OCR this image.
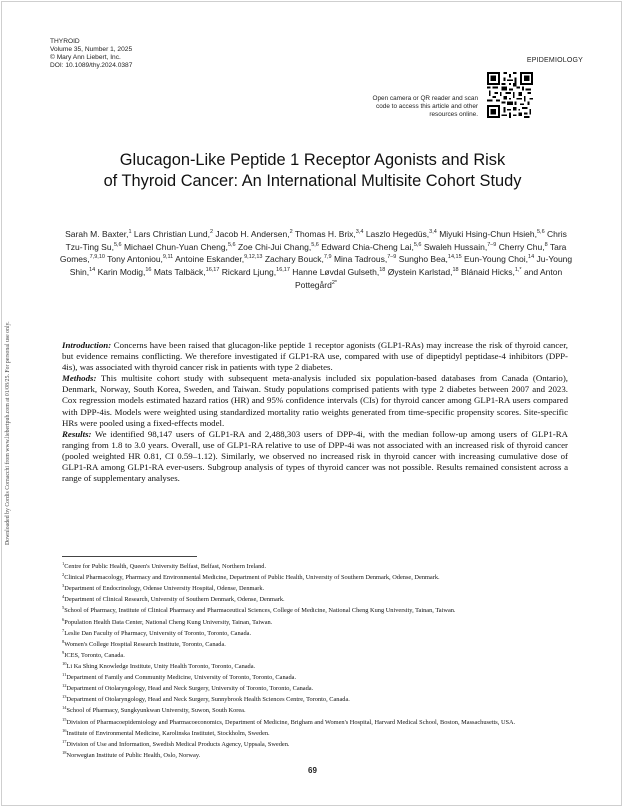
THYROID
Volume 35, Number 1, 2025
© Mary Ann Liebert, Inc.
DOI: 10.1089/thy.2024.0387
EPIDEMIOLOGY
Open camera or QR reader and scan code to access this article and other resources online.
Glucagon-Like Peptide 1 Receptor Agonists and Risk
of Thyroid Cancer: An International Multisite Cohort Study
Sarah M. Baxter,$^1$ Lars Christian Lund,$^2$ Jacob H. Andersen,$^2$ Thomas H. Brix,$^{3,4}$ Laszlo Hegedüs,$^{3,4}$ Miyuki Hsing-Chun Hsieh,$^{5,6}$ Chris Tzu-Ting Su,$^{5,6}$ Michael Chun-Yuan Cheng,$^{5,6}$ Zoe Chi-Jui Chang,$^{5,6}$ Edward Chia-Cheng Lai,$^{5,6}$ Swaleh Hussain,$^{7-9}$ Cherry Chu,$^8$ Tara Gomes,$^{7,9,10}$ Tony Antoniou,$^{9,11}$ Antoine Eskander,$^{9,12,13}$ Zachary Bouck,$^{7,9}$ Mina Tadrous,$^{7-9}$ Sungho Bea,$^{14,15}$ Eun-Young Choi,$^{14}$ Ju-Young Shin,$^{14}$ Karin Modig,$^{16}$ Mats Talbäck,$^{16,17}$ Rickard Ljung,$^{16,17}$ Hanne Løvdal Gulseth,$^{18}$ Øystein Karlstad,$^{18}$ Blánaid Hicks,$^{1,*}$ and Anton Pottegård$^{2*}$
Downloaded by Cordis Cornacchi from www.liebertpub.com at 01/08/25. For personal use only.	Introduction: Concerns have been raised that glucagon-like peptide 1 receptor agonists (GLP1-RAs) may increase the risk of thyroid cancer, but evidence remains conflicting. We therefore investigated if GLP1-RA use, compared with use of dipeptidyl peptidase-4 inhibitors (DPP-4is), was associated with thyroid cancer risk in patients with type 2 diabetes.

Methods: This multisite cohort study with subsequent meta-analysis included six population-based databases from Canada (Ontario), Denmark, Norway, South Korea, Sweden, and Taiwan. Study populations comprised patients with type 2 diabetes between 2007 and 2023. Cox regression models estimated hazard ratios (HR) and 95% confidence intervals (CIs) for thyroid cancer among GLP1-RA users compared with DPP-4is. Models were weighted using standardized mortality ratio weights generated from time-specific propensity scores. Site-specific HRs were pooled using a fixed-effects model.

Results: We identified 98,147 users of GLP1-RA and 2,488,303 users of DPP-4i, with the median follow-up among users of GLP1-RA ranging from 1.8 to 3.0 years. Overall, use of GLP1-RA relative to use of DPP-4i was not associated with an increased risk of thyroid cancer (pooled weighted HR 0.81, CI 0.59–1.12). Similarly, we observed no increased risk in thyroid cancer with increasing cumulative dose of GLP1-RA among GLP1-RA ever-users. Subgroup analysis of types of thyroid cancer was not possible. Results remained consistent across a range of supplementary analyses.

$^1$Centre for Public Health, Queen's University Belfast, Belfast, Northern Ireland.
$^2$Clinical Pharmacology, Pharmacy and Environmental Medicine, Department of Public Health, University of Southern Denmark, Odense, Denmark.
$^3$Department of Endocrinology, Odense University Hospital, Odense, Denmark.
$^4$Department of Clinical Research, University of Southern Denmark, Odense, Denmark.
$^5$School of Pharmacy, Institute of Clinical Pharmacy and Pharmaceutical Sciences, College of Medicine, National Cheng Kung University, Tainan, Taiwan.
$^6$Population Health Data Center, National Cheng Kung University, Tainan, Taiwan.
$^7$Leslie Dan Faculty of Pharmacy, University of Toronto, Toronto, Canada.
$^8$Women's College Hospital Research Institute, Toronto, Canada.
$^9$ICES, Toronto, Canada.
$^{10}$Li Ka Shing Knowledge Institute, Unity Health Toronto, Toronto, Canada.
$^{11}$Department of Family and Community Medicine, University of Toronto, Toronto, Canada.
$^{12}$Department of Otolaryngology, Head and Neck Surgery, University of Toronto, Toronto, Canada.
$^{13}$Department of Otolaryngology, Head and Neck Surgery, Sunnybrook Health Sciences Centre, Toronto, Canada.
$^{14}$School of Pharmacy, Sungkyunkwan University, Suwon, South Korea.
$^{15}$Division of Pharmacoepidemiology and Pharmacoeconomics, Department of Medicine, Brigham and Women's Hospital, Harvard Medical School, Boston, Massachusetts, USA.
$^{16}$Institute of Environmental Medicine, Karolinska Institutet, Stockholm, Sweden.
$^{17}$Division of Use and Information, Swedish Medical Products Agency, Uppsala, Sweden.
$^{18}$Norwegian Institute of Public Health, Oslo, Norway.
69
